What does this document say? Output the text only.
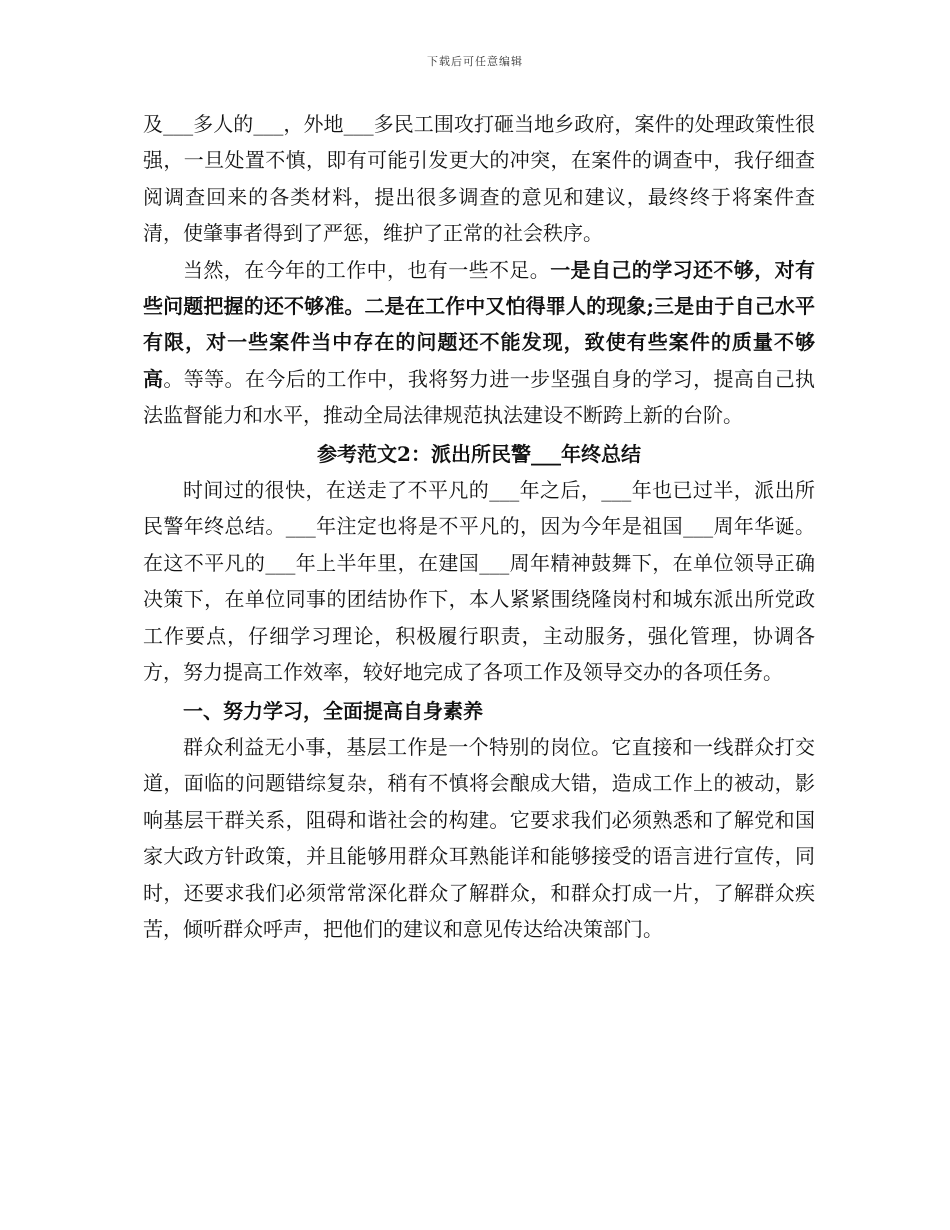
下载后可任意编辑

及___多人的___，外地___多民工围攻打砸当地乡政府，案件的处理政策性很强，一旦处置不慎，即有可能引发更大的冲突，在案件的调查中，我仔细查阅调查回来的各类材料，提出很多调查的意见和建议，最终终于将案件查清，使肇事者得到了严惩，维护了正常的社会秩序。

当然，在今年的工作中，也有一些不足。一是自己的学习还不够，对有些问题把握的还不够准。二是在工作中又怕得罪人的现象;三是由于自己水平有限，对一些案件当中存在的问题还不能发现，致使有些案件的质量不够高。等等。在今后的工作中，我将努力进一步坚强自身的学习，提高自己执法监督能力和水平，推动全局法律规范执法建设不断跨上新的台阶。

参考范文2：派出所民警___年终总结

时间过的很快，在送走了不平凡的___年之后，___年也已过半，派出所民警年终总结。___年注定也将是不平凡的，因为今年是祖国___周年华诞。在这不平凡的___年上半年里，在建国___周年精神鼓舞下，在单位领导正确决策下，在单位同事的团结协作下，本人紧紧围绕隆岗村和城东派出所党政工作要点，仔细学习理论，积极履行职责，主动服务，强化管理，协调各方，努力提高工作效率，较好地完成了各项工作及领导交办的各项任务。

一、努力学习，全面提高自身素养

群众利益无小事，基层工作是一个特别的岗位。它直接和一线群众打交道，面临的问题错综复杂，稍有不慎将会酿成大错，造成工作上的被动，影响基层干群关系，阻碍和谐社会的构建。它要求我们必须熟悉和了解党和国家大政方针政策，并且能够用群众耳熟能详和能够接受的语言进行宣传，同时，还要求我们必须常常深化群众了解群众，和群众打成一片，了解群众疾苦，倾听群众呼声，把他们的建议和意见传达给决策部门。
